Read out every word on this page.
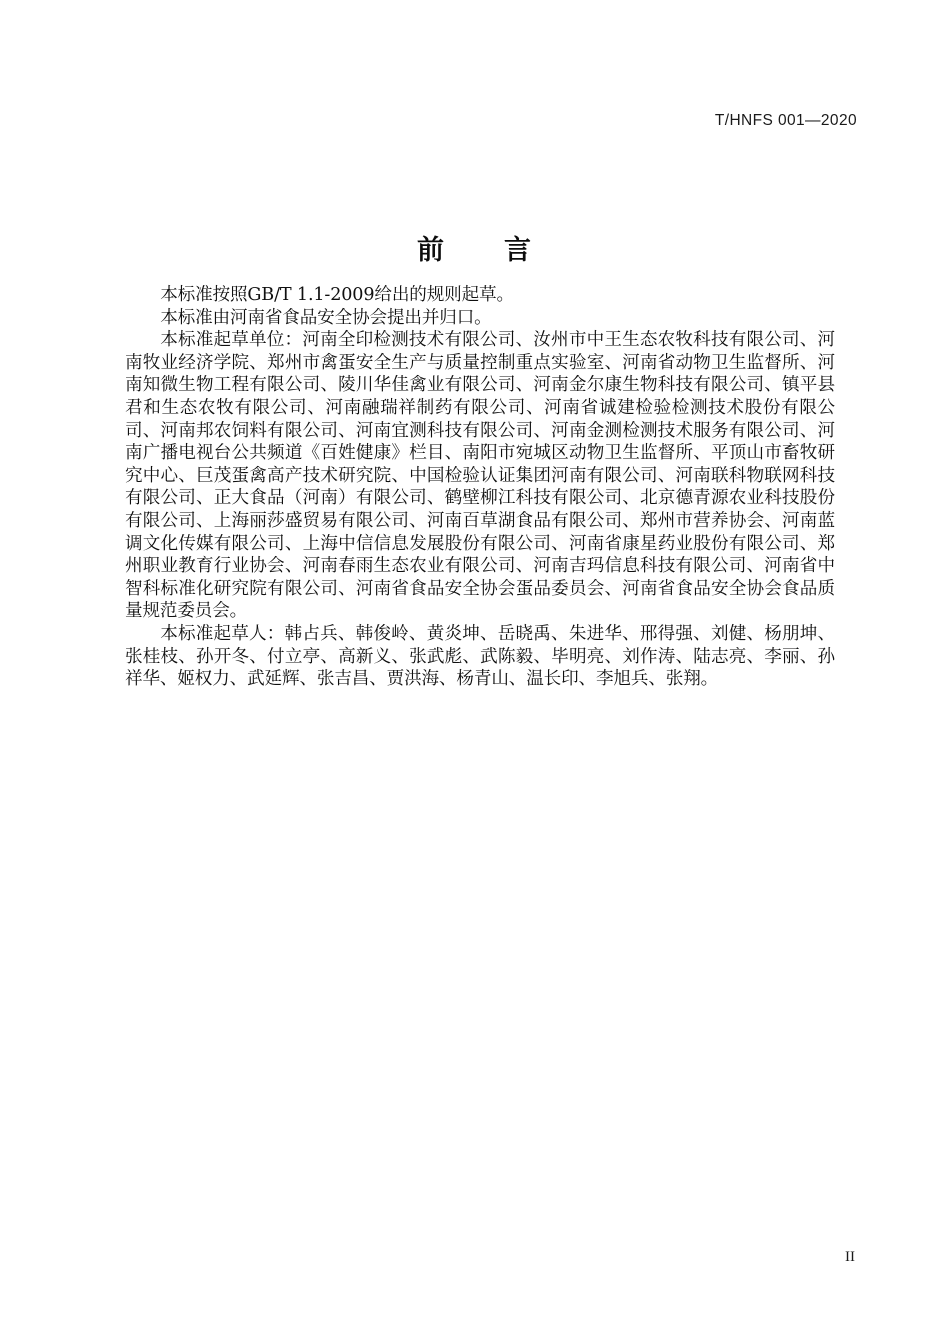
T/HNFS 001—2020
前　　言

本标准按照GB/T 1.1-2009给出的规则起草。

本标准由河南省食品安全协会提出并归口。

本标准起草单位：河南全印检测技术有限公司、汝州市中王生态农牧科技有限公司、河南牧业经济学院、郑州市禽蛋安全生产与质量控制重点实验室、河南省动物卫生监督所、河南知微生物工程有限公司、陵川华佳禽业有限公司、河南金尔康生物科技有限公司、镇平县君和生态农牧有限公司、河南融瑞祥制药有限公司、河南省诚建检验检测技术股份有限公司、河南邦农饲料有限公司、河南宜测科技有限公司、河南金测检测技术服务有限公司、河南广播电视台公共频道《百姓健康》栏目、南阳市宛城区动物卫生监督所、平顶山市畜牧研究中心、巨茂蛋禽高产技术研究院、中国检验认证集团河南有限公司、河南联科物联网科技有限公司、正大食品（河南）有限公司、鹤壁柳江科技有限公司、北京德青源农业科技股份有限公司、上海丽莎盛贸易有限公司、河南百草湖食品有限公司、郑州市营养协会、河南蓝调文化传媒有限公司、上海中信信息发展股份有限公司、河南省康星药业股份有限公司、郑州职业教育行业协会、河南春雨生态农业有限公司、河南吉玛信息科技有限公司、河南省中智科标准化研究院有限公司、河南省食品安全协会蛋品委员会、河南省食品安全协会食品质量规范委员会。

本标准起草人：韩占兵、韩俊岭、黄炎坤、岳晓禹、朱进华、邢得强、刘健、杨朋坤、张桂枝、孙开冬、付立亭、高新义、张武彪、武陈毅、毕明亮、刘作涛、陆志亮、李丽、孙祥华、姬权力、武延辉、张吉昌、贾洪海、杨青山、温长印、李旭兵、张翔。

II
